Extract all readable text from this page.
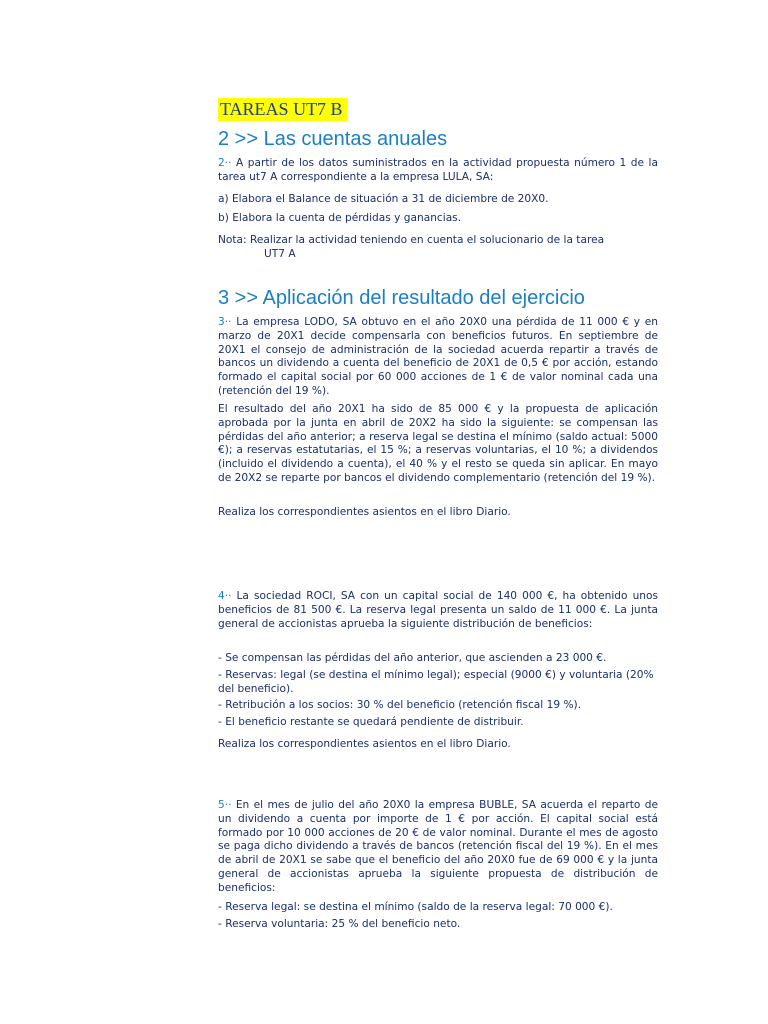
TAREAS UT7 B
2 >> Las cuentas anuales
2·· A partir de los datos suministrados en la actividad propuesta número 1 de la tarea ut7 A correspondiente a la empresa LULA, SA:
a) Elabora el Balance de situación a 31 de diciembre de 20X0.
b) Elabora la cuenta de pérdidas y ganancias.
Nota: Realizar la actividad teniendo en cuenta el solucionario de la tarea
UT7 A
3 >> Aplicación del resultado del ejercicio
3·· La empresa LODO, SA obtuvo en el año 20X0 una pérdida de 11 000 € y en marzo de 20X1 decide compensarla con beneficios futuros. En septiembre de 20X1 el consejo de administración de la sociedad acuerda repartir a través de bancos un dividendo a cuenta del beneficio de 20X1 de 0,5 € por acción, estando formado el capital social por 60 000 acciones de 1 € de valor nominal cada una (retención del 19 %).
El resultado del año 20X1 ha sido de 85 000 € y la propuesta de aplicación aprobada por la junta en abril de 20X2 ha sido la siguiente: se compensan las pérdidas del año anterior; a reserva legal se destina el mínimo (saldo actual: 5000 €); a reservas estatutarias, el 15 %; a reservas voluntarias, el 10 %; a dividendos (incluido el dividendo a cuenta), el 40 % y el resto se queda sin aplicar. En mayo de 20X2 se reparte por bancos el dividendo complementario (retención del 19 %).
Realiza los correspondientes asientos en el libro Diario.
4·· La sociedad ROCI, SA con un capital social de 140 000 €, ha obtenido unos beneficios de 81 500 €. La reserva legal presenta un saldo de 11 000 €. La junta general de accionistas aprueba la siguiente distribución de beneficios:
- Se compensan las pérdidas del año anterior, que ascienden a 23 000 €.
- Reservas: legal (se destina el mínimo legal); especial (9000 €) y voluntaria (20% del beneficio).
- Retribución a los socios: 30 % del beneficio (retención fiscal 19 %).
- El beneficio restante se quedará pendiente de distribuir.
Realiza los correspondientes asientos en el libro Diario.
5·· En el mes de julio del año 20X0 la empresa BUBLE, SA acuerda el reparto de un dividendo a cuenta por importe de 1 € por acción. El capital social está formado por 10 000 acciones de 20 € de valor nominal. Durante el mes de agosto se paga dicho dividendo a través de bancos (retención fiscal del 19 %). En el mes de abril de 20X1 se sabe que el beneficio del año 20X0 fue de 69 000 € y la junta general de accionistas aprueba la siguiente propuesta de distribución de beneficios:
- Reserva legal: se destina el mínimo (saldo de la reserva legal: 70 000 €).
- Reserva voluntaria: 25 % del beneficio neto.
